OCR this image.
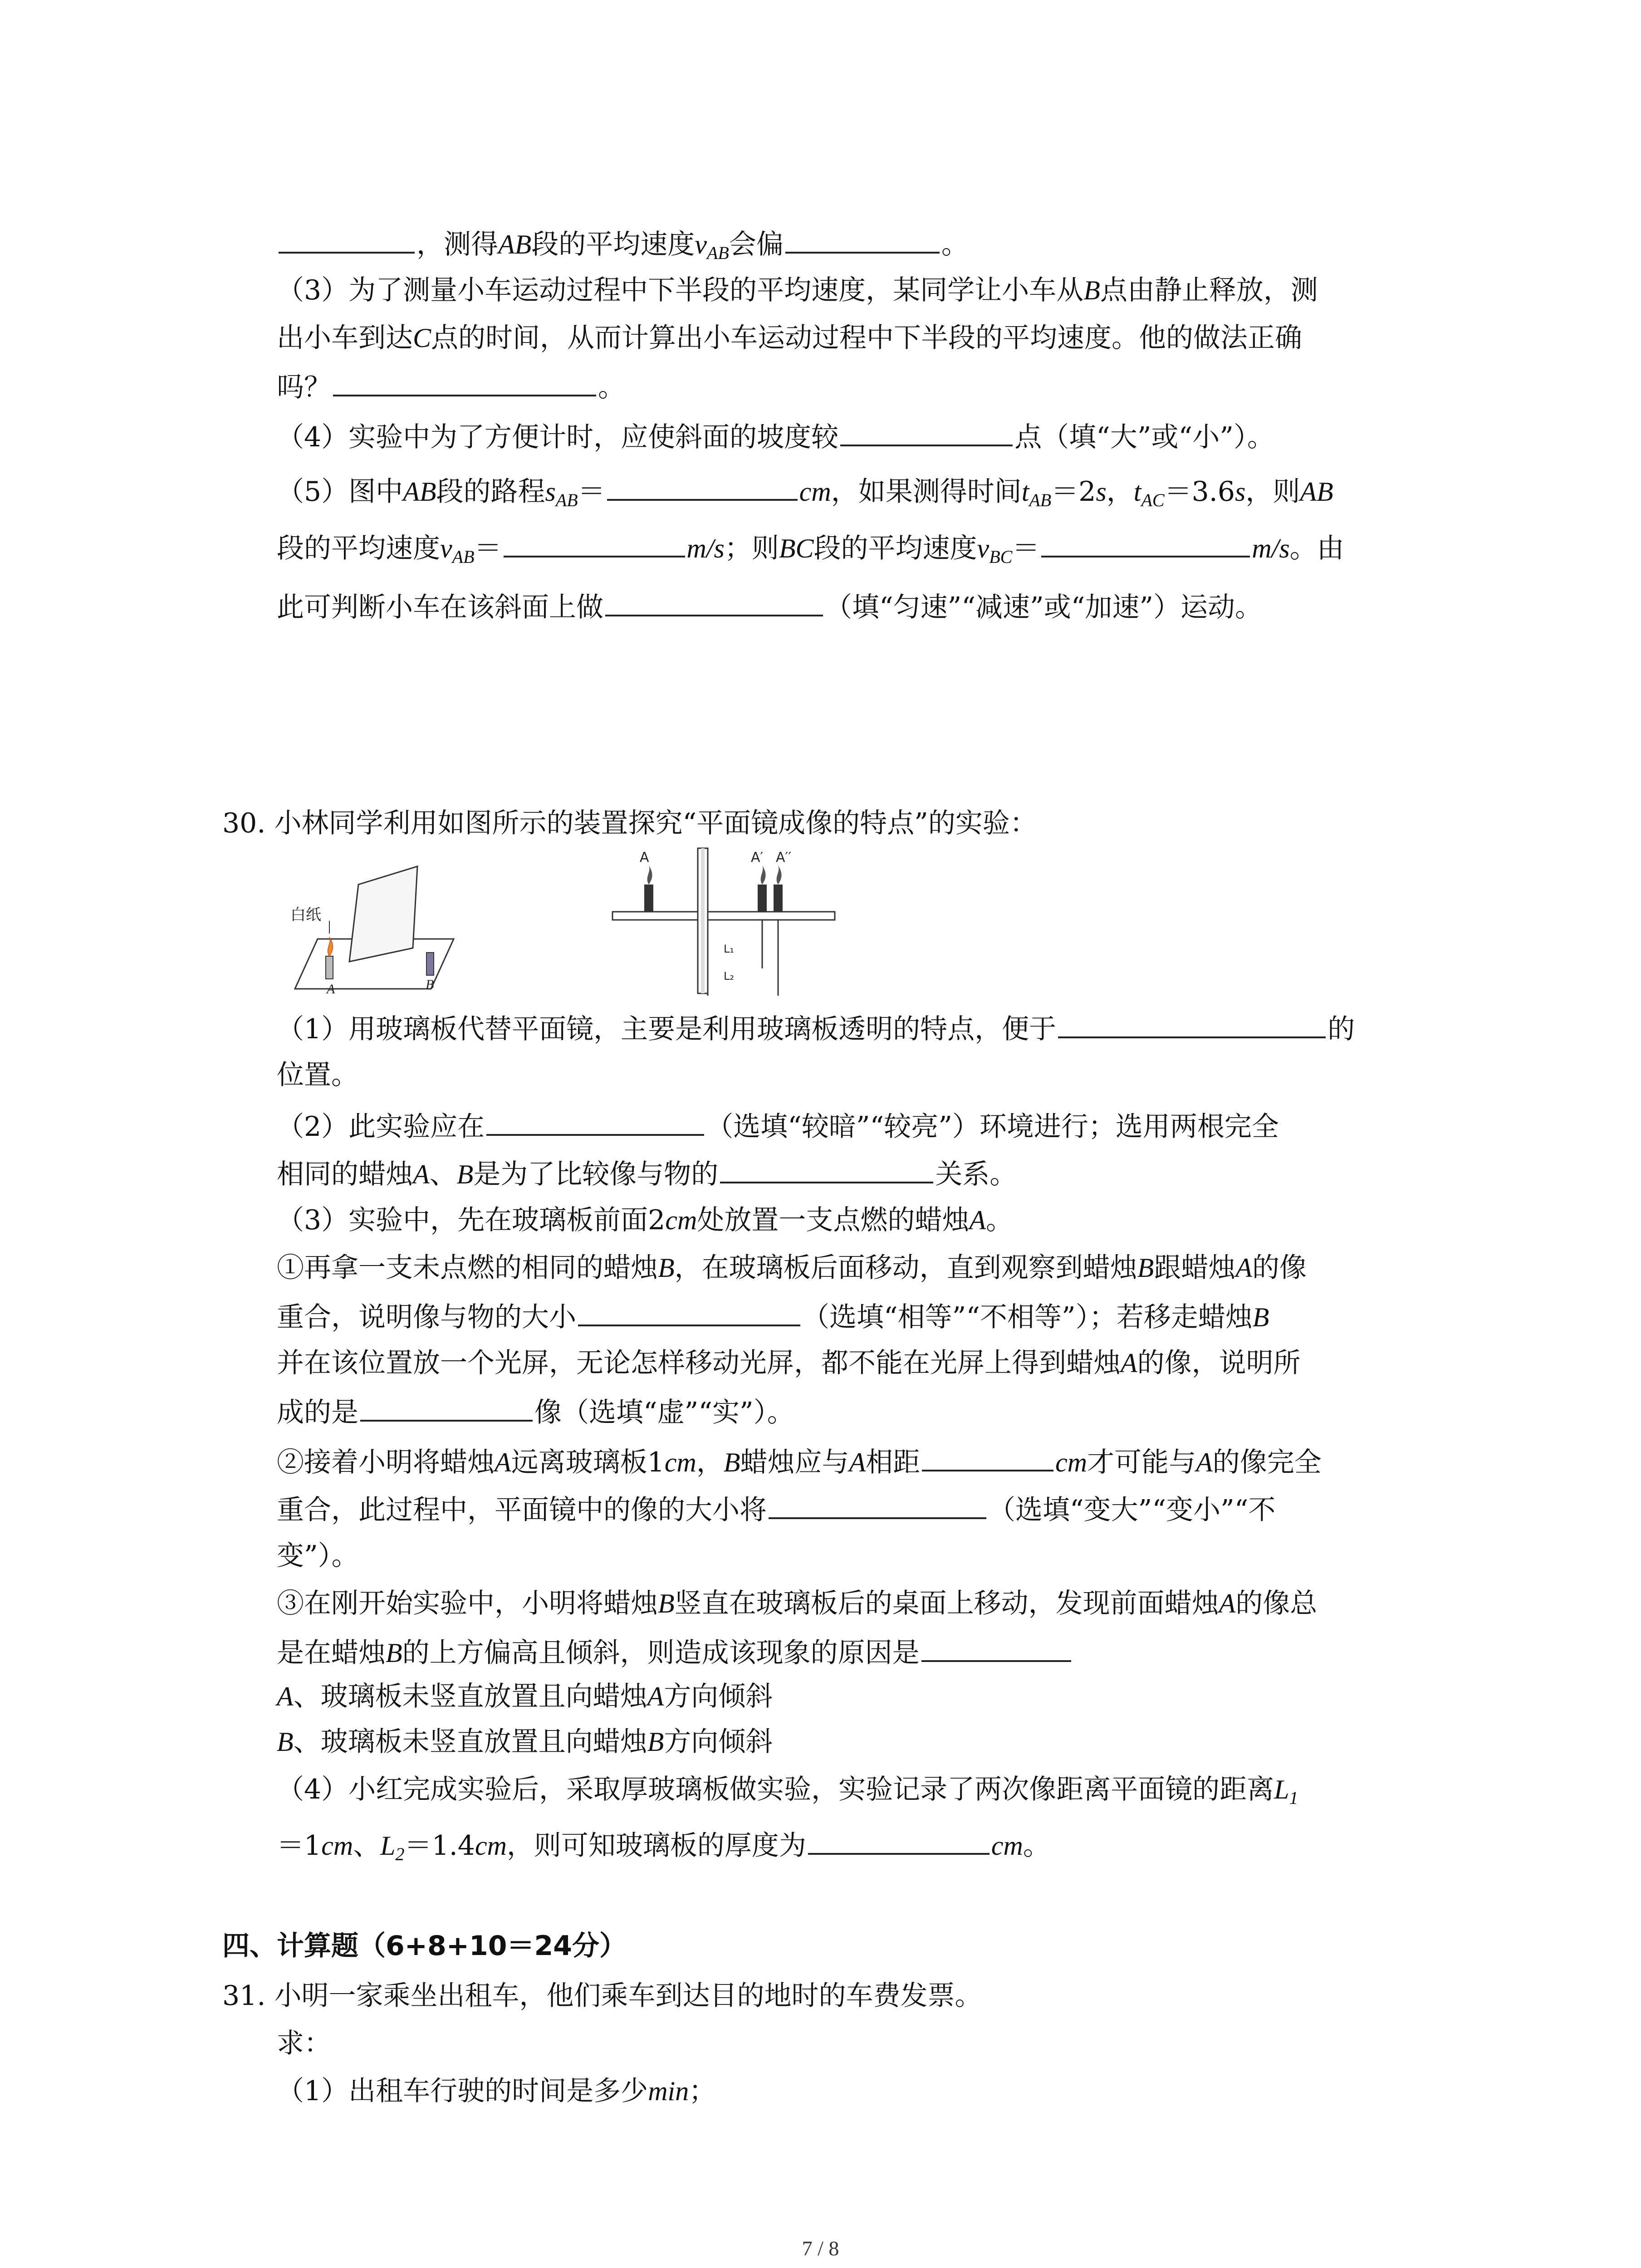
，测得AB段的平均速度$v_{AB}$会偏	。
（3）为了测量小车运动过程中下半段的平均速度，某同学让小车从B点由静止释放，测
出小车到达C点的时间，从而计算出小车运动过程中下半段的平均速度。他的做法正确
吗？	。
（4）实验中为了方便计时，应使斜面的坡度较	点（填“大”或“小”）。
（5）图中AB段的路程$s_{AB}=$	cm，如果测得时间$t_{AB}=2s$，$t_{AC}=3.6s$，则AB
段的平均速度$v_{AB}=$	m/s；则BC段的平均速度$v_{BC}=$	m/s。由
此可判断小车在该斜面上做	（填“匀速”“减速”或“加速”）运动。
30. 小林同学利用如图所示的装置探究“平面镜成像的特点”的实验：
白纸
A	B
A	A′ A′′
L₁
L₂
（1）用玻璃板代替平面镜，主要是利用玻璃板透明的特点，便于	的
位置。
（2）此实验应在	（选填“较暗”“较亮”）环境进行；选用两根完全
相同的蜡烛A、B是为了比较像与物的	关系。
（3）实验中，先在玻璃板前面2cm处放置一支点燃的蜡烛A。
①再拿一支未点燃的相同的蜡烛B，在玻璃板后面移动，直到观察到蜡烛B跟蜡烛A的像
重合，说明像与物的大小	（选填“相等”“不相等”）；若移走蜡烛B
并在该位置放一个光屏，无论怎样移动光屏，都不能在光屏上得到蜡烛A的像，说明所
成的是	像（选填“虚”“实”）。
②接着小明将蜡烛A远离玻璃板1cm，B蜡烛应与A相距	cm才可能与A的像完全
重合，此过程中，平面镜中的像的大小将	（选填“变大”“变小”“不
变”）。
③在刚开始实验中，小明将蜡烛B竖直在玻璃板后的桌面上移动，发现前面蜡烛A的像总
是在蜡烛B的上方偏高且倾斜，则造成该现象的原因是
A、玻璃板未竖直放置且向蜡烛A方向倾斜
B、玻璃板未竖直放置且向蜡烛B方向倾斜
（4）小红完成实验后，采取厚玻璃板做实验，实验记录了两次像距离平面镜的距离$L_1$
＝1cm、$L_2=1.4cm$，则可知玻璃板的厚度为	cm。
四、计算题（6+8+10＝24分）
31. 小明一家乘坐出租车，他们乘车到达目的地时的车费发票。
求：
（1）出租车行驶的时间是多少min；
7 / 8
